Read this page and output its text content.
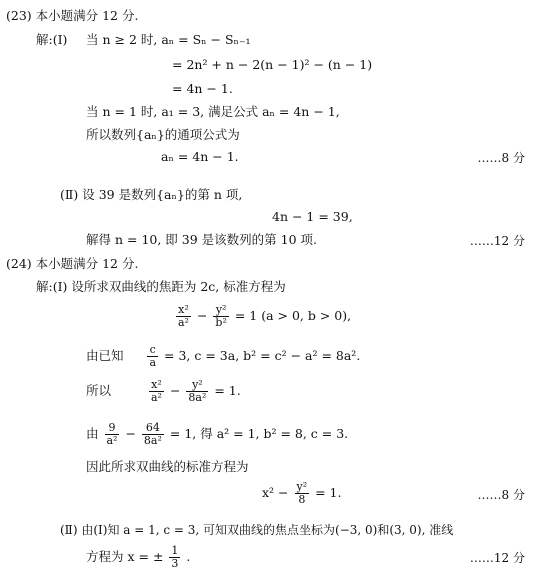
(23) 本小题满分 12 分.
解:(Ⅰ) 当 n ≥ 2 时, aₙ = Sₙ − Sₙ₋₁
= 2n² + n − 2(n − 1)² − (n − 1)
= 4n − 1.
当 n = 1 时, a₁ = 3, 满足公式 aₙ = 4n − 1,
所以数列{aₙ}的通项公式为
aₙ = 4n − 1.	……8 分
(Ⅱ) 设 39 是数列{aₙ}的第 n 项,
4n − 1 = 39,
解得 n = 10, 即 39 是该数列的第 10 项.	……12 分
(24) 本小题满分 12 分.
解:(Ⅰ) 设所求双曲线的焦距为 2c, 标准方程为
$\frac{\text{x²}}{\text{a²}} - \frac{\text{y²}}{\text{b²}} = 1$ (a > 0, b > 0),
由已知 $\frac{c}{a} = 3$, c = 3a, b² = c² − a² = 8a².
所以	$\frac{\text{x²}}{\text{a²}} - \frac{\text{y²}}{\text{8a²}} = 1$.
由 $\frac{9}{\text{a²}} - \frac{64}{\text{8a²}} = 1$, 得 a² = 1, b² = 8, c = 3.
因此所求双曲线的标准方程为
$x^2 - \frac{\text{y²}}{8} = 1$.	……8 分
(Ⅱ) 由(Ⅰ)知 a = 1, c = 3, 可知双曲线的焦点坐标为(−3, 0)和(3, 0), 准线
方程为 x = ± $\frac{1}{3}$ .	……12 分
